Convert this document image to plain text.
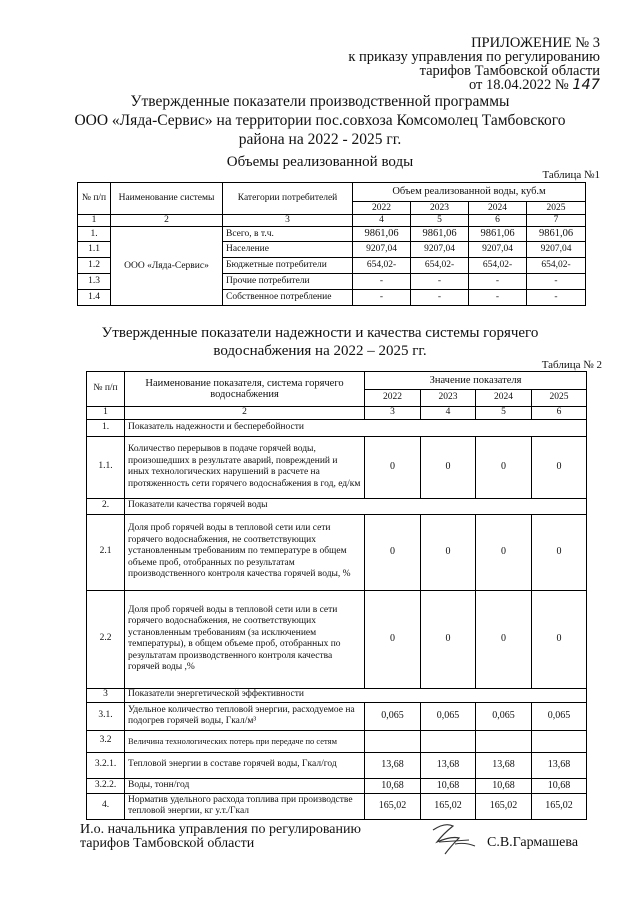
ПРИЛОЖЕНИЕ № 3
к приказу управления по регулированию
тарифов Тамбовской области
от 18.04.2022 № 147
Утвержденные показатели производственной программы
ООО «Ляда-Сервис» на территории пос.совхоза Комсомолец Тамбовского
района на 2022 - 2025 гг.
Объемы реализованной воды
Таблица №1
№ п/п	Наименование системы	Категории потребителей	Объем реализованной воды, куб.м			
			2022	2023	2024	2025
1	2	3	4	5	6	7
1.	ООО «Ляда-Сервис»	Всего, в т.ч.	9861,06	9861,06	9861,06	9861,06
1.1		Население	9207,04	9207,04	9207,04	9207,04
1.2		Бюджетные потребители	654,02-	654,02-	654,02-	654,02-
1.3		Прочие потребители	-	-	-	-
1.4		Собственное потребление	-	-	-	-
Утвержденные показатели надежности и качества системы горячего
водоснабжения на 2022 – 2025 гг.
Таблица № 2
№ п/п	Наименование показателя, система горячего водоснабжения	Значение показателя			
		2022	2023	2024	2025
1	2	3	4	5	6
1.	Показатель надежности и бесперебойности				
1.1.	Количество перерывов в подаче горячей воды, произошедших в результате аварий, повреждений и иных технологических нарушений в расчете на протяженность сети горячего водоснабжения в год, ед/км	0	0	0	0
2.	Показатели качества горячей воды				
2.1	Доля проб горячей воды в тепловой сети или сети горячего водоснабжения, не соответствующих установленным требованиям по температуре в общем объеме проб, отобранных по результатам производственного контроля качества горячей воды, %	0	0	0	0
2.2	Доля проб горячей воды в тепловой сети или в сети горячего водоснабжения, не соответствующих установленным требованиям (за исключением температуры), в общем объеме проб, отобранных по результатам производственного контроля качества горячей воды ,%	0	0	0	0
3	Показатели энергетической эффективности				
3.1.	Удельное количество тепловой энергии, расходуемое на подогрев горячей воды, Гкал/м³	0,065	0,065	0,065	0,065
3.2	Величина технологических потерь при передаче по сетям				
3.2.1.	Тепловой энергии в составе горячей воды, Гкал/год	13,68	13,68	13,68	13,68
3.2.2.	Воды, тонн/год	10,68	10,68	10,68	10,68
4.	Норматив удельного расхода топлива при производстве тепловой энергии, кг у.т./Гкал	165,02	165,02	165,02	165,02
И.о. начальника управления по регулированию
тарифов Тамбовской области	С.В.Гармашева
